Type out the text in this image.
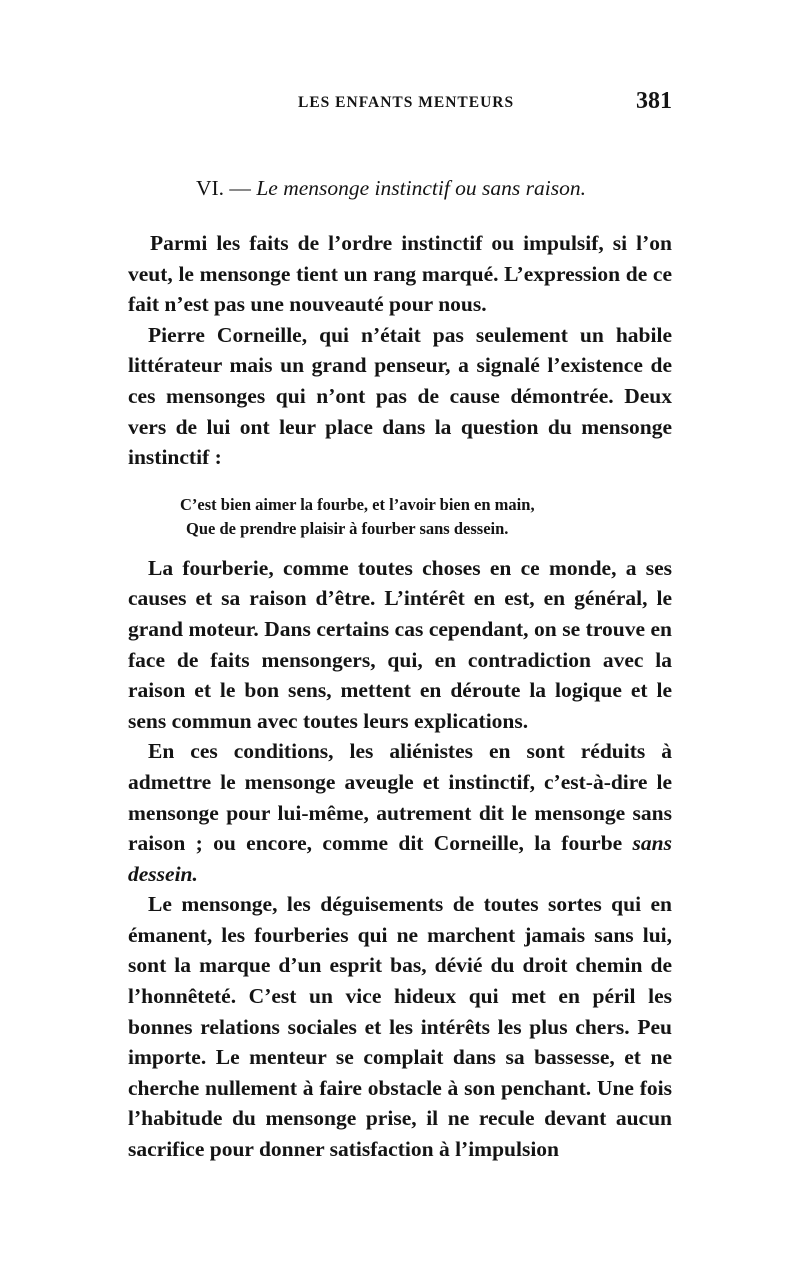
LES ENFANTS MENTEURS	381
VI. — Le mensonge instinctif ou sans raison.

Parmi les faits de l’ordre instinctif ou impulsif, si l’on veut, le mensonge tient un rang marqué. L’expression de ce fait n’est pas une nouveauté pour nous.

Pierre Corneille, qui n’était pas seulement un habile littérateur mais un grand penseur, a signalé l’existence de ces mensonges qui n’ont pas de cause démontrée. Deux vers de lui ont leur place dans la question du mensonge instinctif :

C’est bien aimer la fourbe, et l’avoir bien en main,
Que de prendre plaisir à fourber sans dessein.

La fourberie, comme toutes choses en ce monde, a ses causes et sa raison d’être. L’intérêt en est, en général, le grand moteur. Dans certains cas cependant, on se trouve en face de faits mensongers, qui, en contradiction avec la raison et le bon sens, mettent en déroute la logique et le sens commun avec toutes leurs explications.

En ces conditions, les aliénistes en sont réduits à admettre le mensonge aveugle et instinctif, c’est-à-dire le mensonge pour lui-même, autrement dit le mensonge sans raison ; ou encore, comme dit Corneille, la fourbe sans dessein.

Le mensonge, les déguisements de toutes sortes qui en émanent, les fourberies qui ne marchent jamais sans lui, sont la marque d’un esprit bas, dévié du droit chemin de l’honnêteté. C’est un vice hideux qui met en péril les bonnes relations sociales et les intérêts les plus chers. Peu importe. Le menteur se complait dans sa bassesse, et ne cherche nullement à faire obstacle à son penchant. Une fois l’habitude du mensonge prise, il ne recule devant aucun sacrifice pour donner satisfaction à l’impulsion
